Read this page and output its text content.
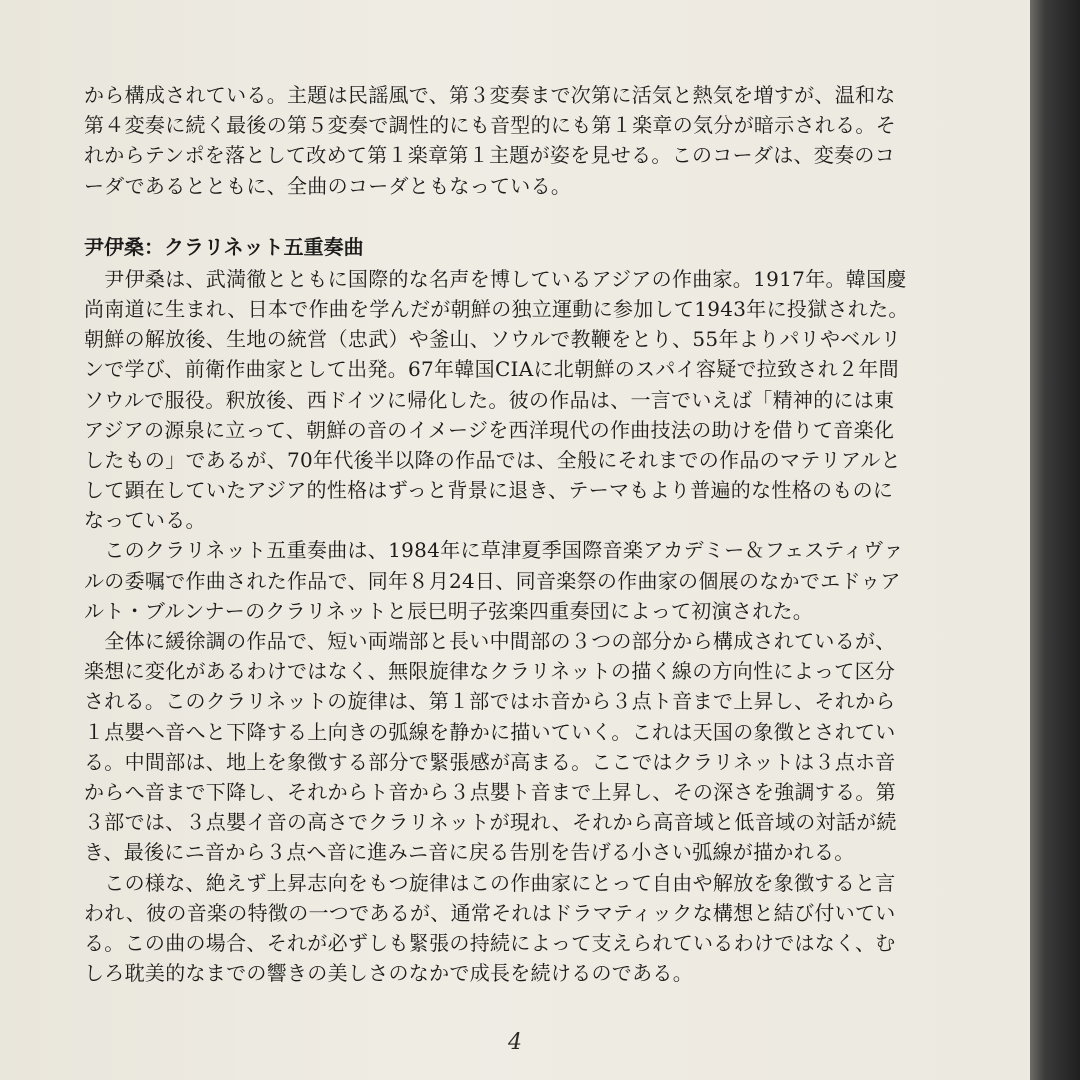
から構成されている。主題は民謡風で、第３変奏まで次第に活気と熱気を増すが、温和な
第４変奏に続く最後の第５変奏で調性的にも音型的にも第１楽章の気分が暗示される。そ
れからテンポを落として改めて第１楽章第１主題が姿を見せる。このコーダは、変奏のコ
ーダであるとともに、全曲のコーダともなっている。
尹伊桑：クラリネット五重奏曲
　尹伊桑は、武満徹とともに国際的な名声を博しているアジアの作曲家。1917年。韓国慶
尚南道に生まれ、日本で作曲を学んだが朝鮮の独立運動に参加して1943年に投獄された。
朝鮮の解放後、生地の統営（忠武）や釜山、ソウルで教鞭をとり、55年よりパリやベルリ
ンで学び、前衛作曲家として出発。67年韓国CIAに北朝鮮のスパイ容疑で拉致され２年間
ソウルで服役。釈放後、西ドイツに帰化した。彼の作品は、一言でいえば「精神的には東
アジアの源泉に立って、朝鮮の音のイメージを西洋現代の作曲技法の助けを借りて音楽化
したもの」であるが、70年代後半以降の作品では、全般にそれまでの作品のマテリアルと
して顕在していたアジア的性格はずっと背景に退き、テーマもより普遍的な性格のものに
なっている。
　このクラリネット五重奏曲は、1984年に草津夏季国際音楽アカデミー＆フェスティヴァ
ルの委嘱で作曲された作品で、同年８月24日、同音楽祭の作曲家の個展のなかでエドゥア
ルト・ブルンナーのクラリネットと辰巳明子弦楽四重奏団によって初演された。
　全体に緩徐調の作品で、短い両端部と長い中間部の３つの部分から構成されているが、
楽想に変化があるわけではなく、無限旋律なクラリネットの描く線の方向性によって区分
される。このクラリネットの旋律は、第１部ではホ音から３点ト音まで上昇し、それから
１点嬰ヘ音へと下降する上向きの弧線を静かに描いていく。これは天国の象徴とされてい
る。中間部は、地上を象徴する部分で緊張感が高まる。ここではクラリネットは３点ホ音
からへ音まで下降し、それからト音から３点嬰ト音まで上昇し、その深さを強調する。第
３部では、３点嬰イ音の高さでクラリネットが現れ、それから高音域と低音域の対話が続
き、最後にニ音から３点へ音に進みニ音に戻る告別を告げる小さい弧線が描かれる。
　この様な、絶えず上昇志向をもつ旋律はこの作曲家にとって自由や解放を象徴すると言
われ、彼の音楽の特徴の一つであるが、通常それはドラマティックな構想と結び付いてい
る。この曲の場合、それが必ずしも緊張の持続によって支えられているわけではなく、む
しろ耽美的なまでの響きの美しさのなかで成長を続けるのである。
4
